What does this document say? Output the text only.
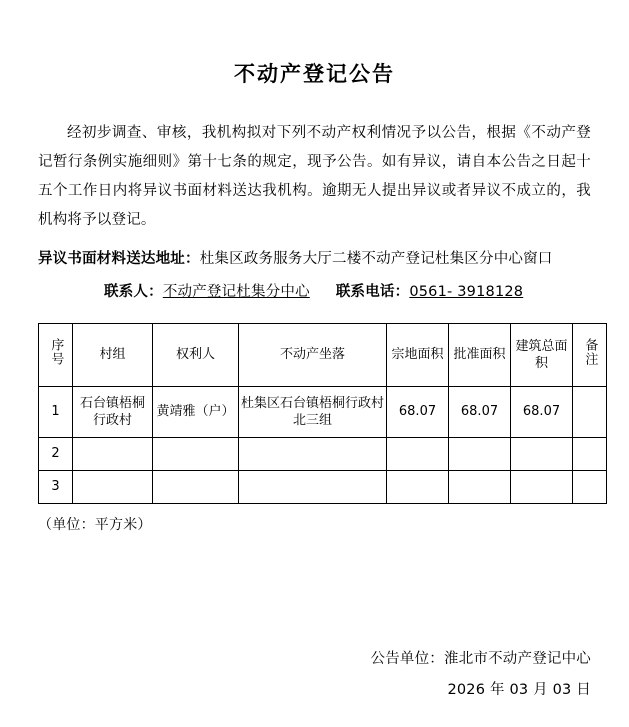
不动产登记公告

经初步调查、审核，我机构拟对下列不动产权利情况予以公告，根据《不动产登记暂行条例实施细则》第十七条的规定，现予公告。如有异议，请自本公告之日起十五个工作日内将异议书面材料送达我机构。逾期无人提出异议或者异议不成立的，我机构将予以登记。

异议书面材料送达地址：杜集区政务服务大厅二楼不动产登记杜集区分中心窗口
联系人：不动产登记杜集分中心 联系电话：0561- 3918128
序号	村组	权利人	不动产坐落	宗地面积	批准面积	建筑总面积	备注
1	石台镇梧桐行政村	黄靖雅（户）	杜集区石台镇梧桐行政村北三组	68.07	68.07	68.07	
2							
3							
（单位：平方米）
公告单位：淮北市不动产登记中心
2026 年 03 月 03 日
